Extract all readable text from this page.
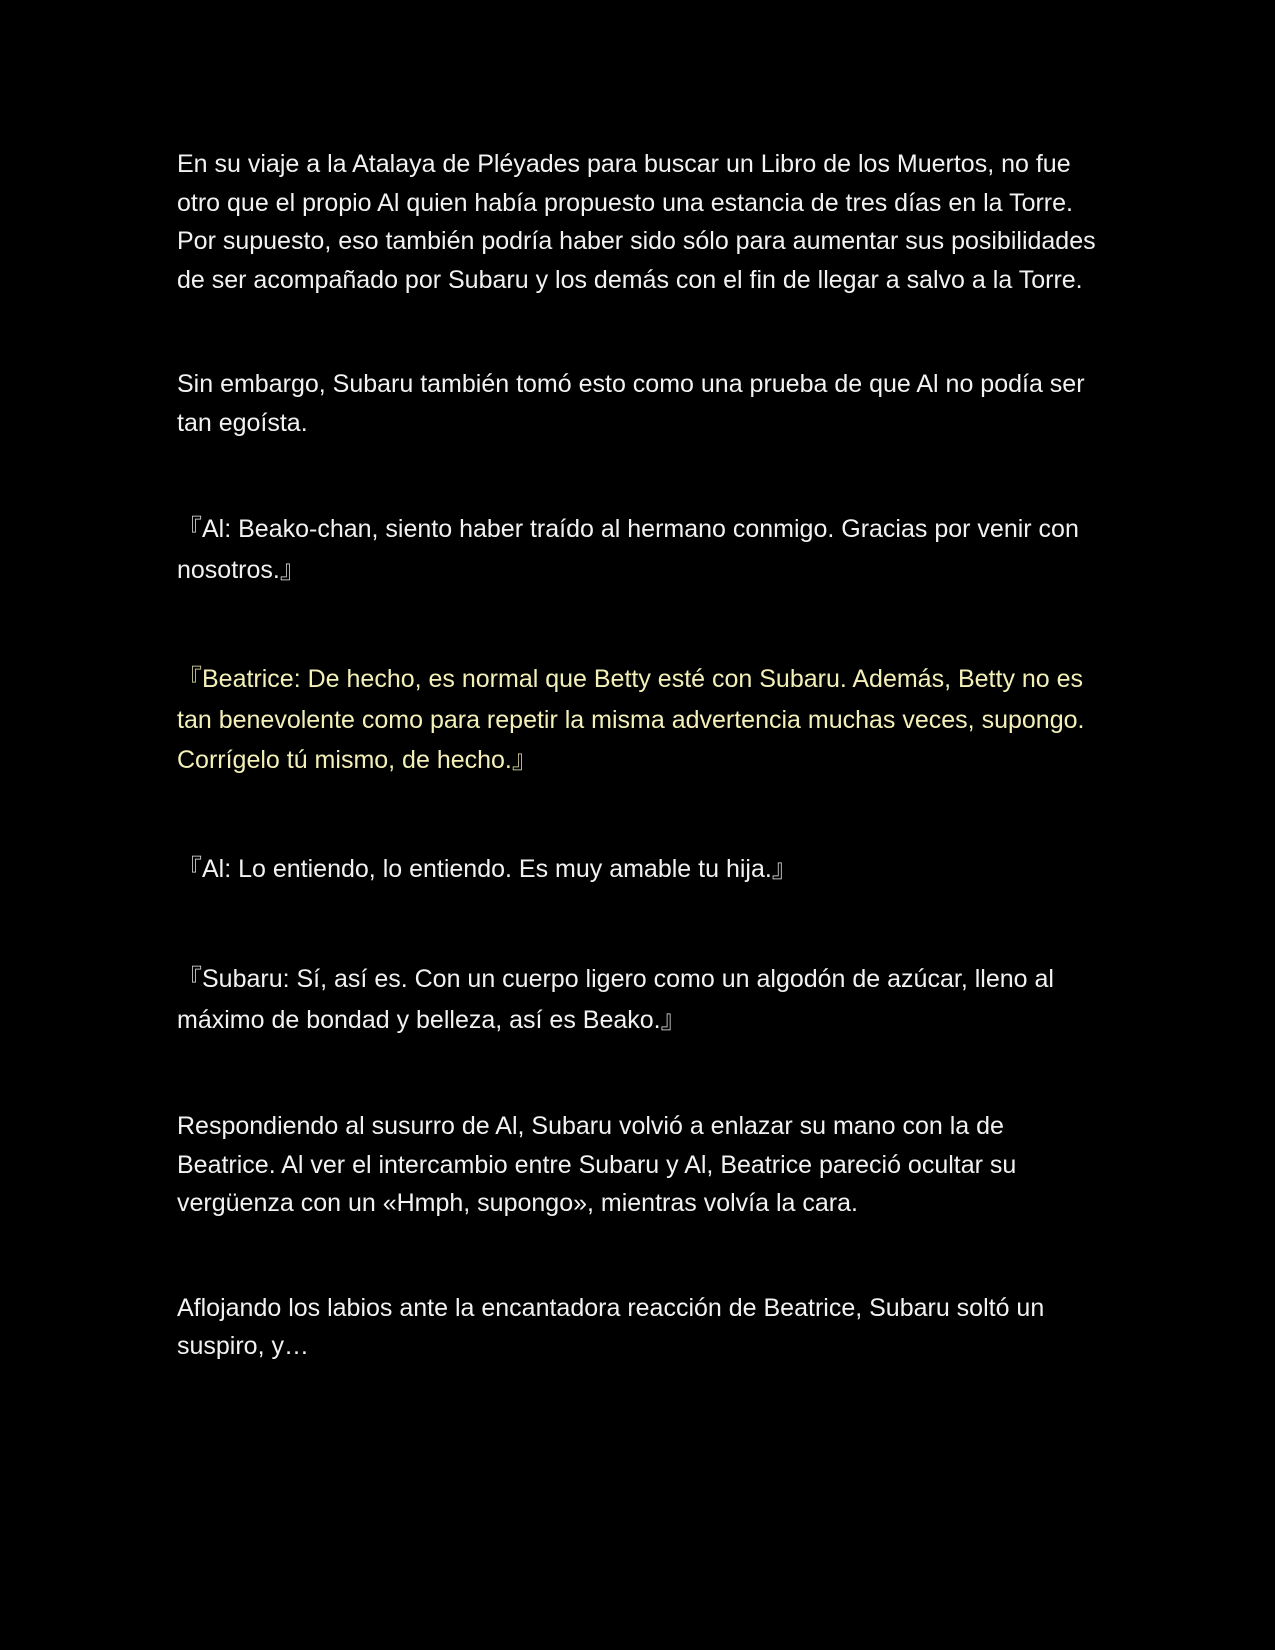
En su viaje a la Atalaya de Pléyades para buscar un Libro de los Muertos, no fue otro que el propio Al quien había propuesto una estancia de tres días en la Torre. Por supuesto, eso también podría haber sido sólo para aumentar sus posibilidades de ser acompañado por Subaru y los demás con el fin de llegar a salvo a la Torre.

Sin embargo, Subaru también tomó esto como una prueba de que Al no podía ser tan egoísta.

『Al: Beako-chan, siento haber traído al hermano conmigo. Gracias por venir con nosotros.』

『Beatrice: De hecho, es normal que Betty esté con Subaru. Además, Betty no es tan benevolente como para repetir la misma advertencia muchas veces, supongo. Corrígelo tú mismo, de hecho.』

『Al: Lo entiendo, lo entiendo. Es muy amable tu hija.』

『Subaru: Sí, así es. Con un cuerpo ligero como un algodón de azúcar, lleno al máximo de bondad y belleza, así es Beako.』

Respondiendo al susurro de Al, Subaru volvió a enlazar su mano con la de Beatrice. Al ver el intercambio entre Subaru y Al, Beatrice pareció ocultar su vergüenza con un «Hmph, supongo», mientras volvía la cara.

Aflojando los labios ante la encantadora reacción de Beatrice, Subaru soltó un suspiro, y…
